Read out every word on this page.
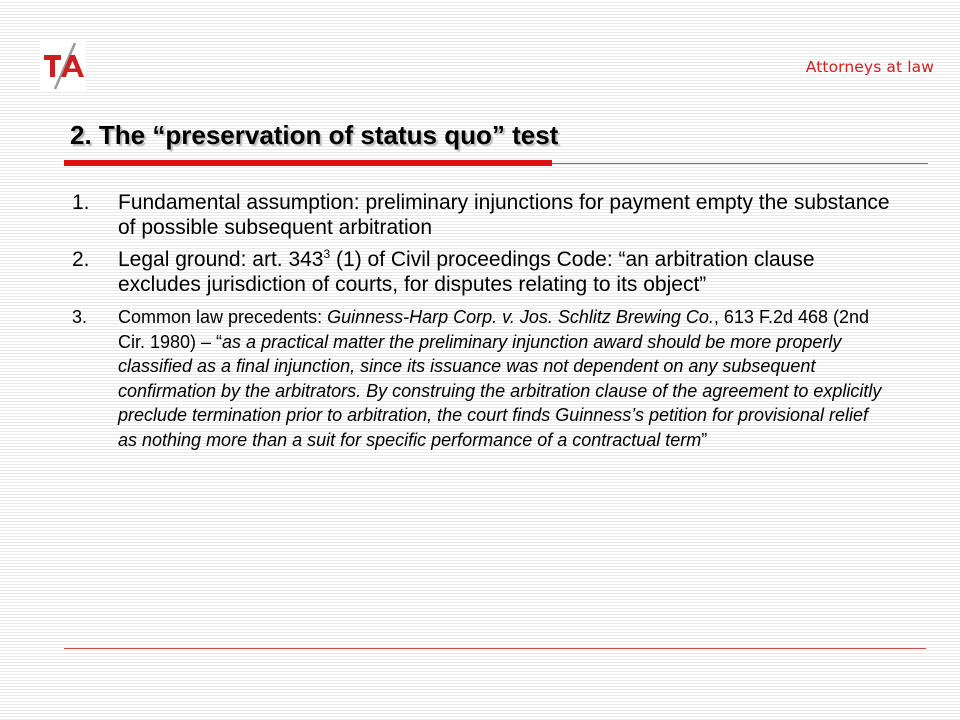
Attorneys at law
2. The “preservation of status quo” test
1. Fundamental assumption: preliminary injunctions for payment empty the substance of possible subsequent arbitration
2. Legal ground: art. $343^3$ (1) of Civil proceedings Code: “an arbitration clause excludes jurisdiction of courts, for disputes relating to its object”
3. Common law precedents: Guinness-Harp Corp. v. Jos. Schlitz Brewing Co., 613 F.2d 468 (2nd Cir. 1980) – “as a practical matter the preliminary injunction award should be more properly classified as a final injunction, since its issuance was not dependent on any subsequent confirmation by the arbitrators. By construing the arbitration clause of the agreement to explicitly preclude termination prior to arbitration, the court finds Guinness’s petition for provisional relief as nothing more than a suit for specific performance of a contractual term”
